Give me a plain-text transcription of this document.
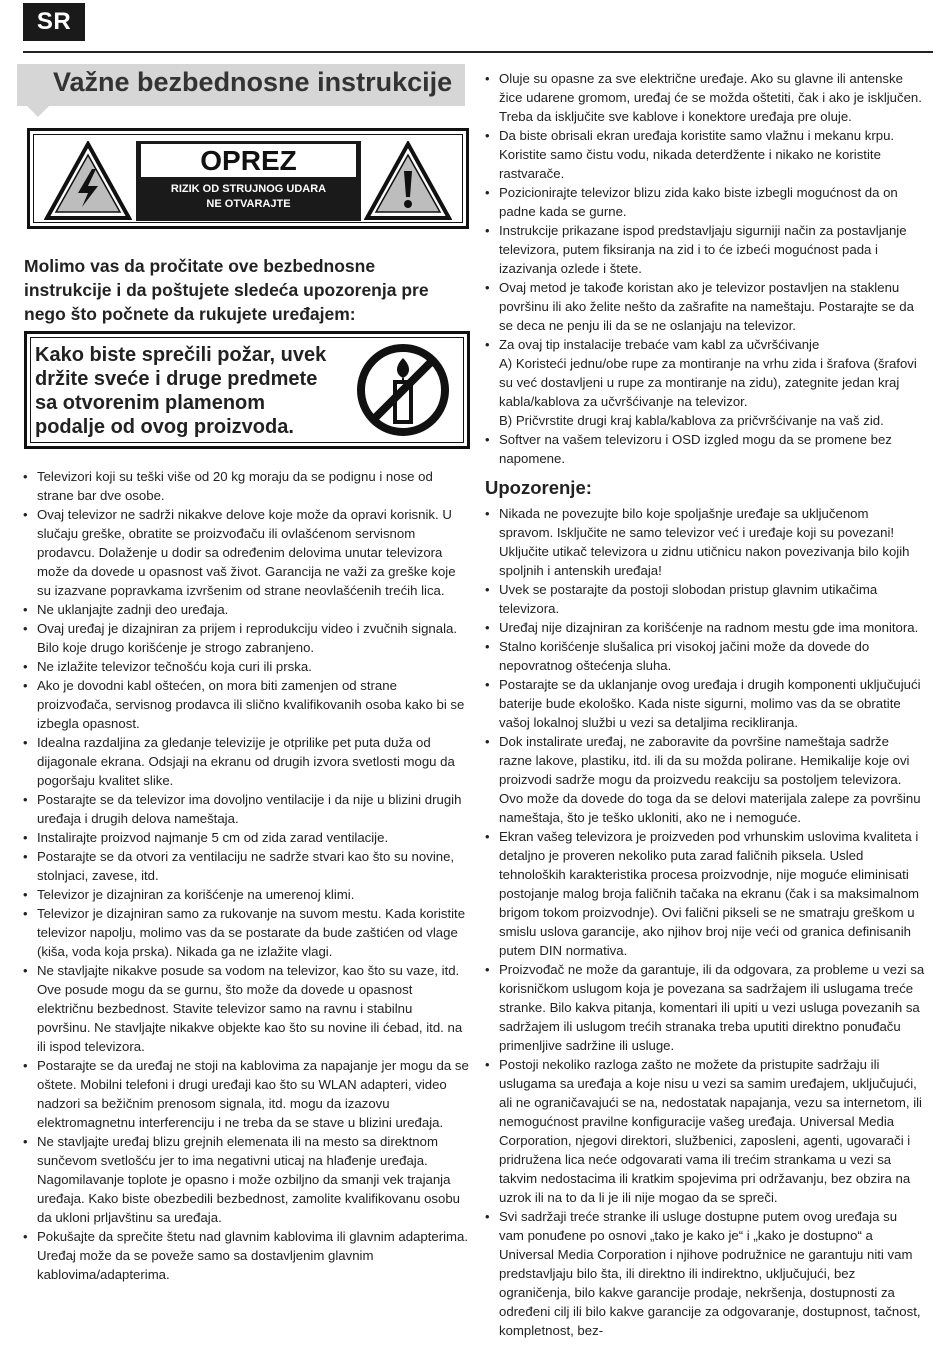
SR
Važne bezbednosne instrukcije
OPREZ
RIZIK OD STRUJNOG UDARA
NE OTVARAJTE
Molimo vas da pročitate ove bezbednosne instrukcije i da poštujete sledeća upozorenja pre nego što počnete da rukujete uređajem:
Kako biste sprečili požar, uvek držite sveće i druge predmete sa otvorenim plamenom podalje od ovog proizvoda.
• Televizori koji su teški više od 20 kg moraju da se podignu i nose od strane bar dve osobe.
• Ovaj televizor ne sadrži nikakve delove koje može da opravi korisnik. U slučaju greške, obratite se proizvođaču ili ovlašćenom servisnom prodavcu. Dolaženje u dodir sa određenim delovima unutar televizora može da dovede u opasnost vaš život. Garancija ne važi za greške koje su izazvane popravkama izvršenim od strane neovlašćenih trećih lica.
• Ne uklanjajte zadnji deo uređaja.
• Ovaj uređaj je dizajniran za prijem i reprodukciju video i zvučnih signala. Bilo koje drugo korišćenje je strogo zabranjeno.
• Ne izlažite televizor tečnošću koja curi ili prska.
• Ako je dovodni kabl oštećen, on mora biti zamenjen od strane proizvođača, servisnog prodavca ili slično kvalifikovanih osoba kako bi se izbegla opasnost.
• Idealna razdaljina za gledanje televizije je otprilike pet puta duža od dijagonale ekrana. Odsjaji na ekranu od drugih izvora svetlosti mogu da pogoršaju kvalitet slike.
• Postarajte se da televizor ima dovoljno ventilacije i da nije u blizini drugih uređaja i drugih delova nameštaja.
• Instalirajte proizvod najmanje 5 cm od zida zarad ventilacije.
• Postarajte se da otvori za ventilaciju ne sadrže stvari kao što su novine, stolnjaci, zavese, itd.
• Televizor je dizajniran za korišćenje na umerenoj klimi.
• Televizor je dizajniran samo za rukovanje na suvom mestu. Kada koristite televizor napolju, molimo vas da se postarate da bude zaštićen od vlage (kiša, voda koja prska). Nikada ga ne izlažite vlagi.
• Ne stavljajte nikakve posude sa vodom na televizor, kao što su vaze, itd. Ove posude mogu da se gurnu, što može da dovede u opasnost električnu bezbednost. Stavite televizor samo na ravnu i stabilnu površinu. Ne stavljajte nikakve objekte kao što su novine ili ćebad, itd. na ili ispod televizora.
• Postarajte se da uređaj ne stoji na kablovima za napajanje jer mogu da se oštete. Mobilni telefoni i drugi uređaji kao što su WLAN adapteri, video nadzori sa bežičnim prenosom signala, itd. mogu da izazovu elektromagnetnu interferenciju i ne treba da se stave u blizini uređaja.
• Ne stavljajte uređaj blizu grejnih elemenata ili na mesto sa direktnom sunčevom svetlošću jer to ima negativni uticaj na hlađenje uređaja. Nagomilavanje toplote je opasno i može ozbiljno da smanji vek trajanja uređaja. Kako biste obezbedili bezbednost, zamolite kvalifikovanu osobu da ukloni prljavštinu sa uređaja.
• Pokušajte da sprečite štetu nad glavnim kablovima ili glavnim adapterima. Uređaj može da se poveže samo sa dostavljenim glavnim kablovima/adapterima.
• Oluje su opasne za sve električne uređaje. Ako su glavne ili antenske žice udarene gromom, uređaj će se možda oštetiti, čak i ako je isključen. Treba da isključite sve kablove i konektore uređaja pre oluje.
• Da biste obrisali ekran uređaja koristite samo vlažnu i mekanu krpu. Koristite samo čistu vodu, nikada deterdžente i nikako ne koristite rastvarače.
• Pozicionirajte televizor blizu zida kako biste izbegli mogućnost da on padne kada se gurne.
• Instrukcije prikazane ispod predstavljaju sigurniji način za postavljanje televizora, putem fiksiranja na zid i to će izbeći mogućnost pada i izazivanja ozlede i štete.
• Ovaj metod je takođe koristan ako je televizor postavljen na staklenu površinu ili ako želite nešto da zašrafite na nameštaju. Postarajte se da se deca ne penju ili da se ne oslanjaju na televizor.
• Za ovaj tip instalacije trebaće vam kabl za učvršćivanje
A) Koristeći jednu/obe rupe za montiranje na vrhu zida i šrafova (šrafovi su već dostavljeni u rupe za montiranje na zidu), zategnite jedan kraj kabla/kablova za učvršćivanje na televizor.
B) Pričvrstite drugi kraj kabla/kablova za pričvršćivanje na vaš zid.
• Softver na vašem televizoru i OSD izgled mogu da se promene bez napomene.
Upozorenje:
• Nikada ne povezujte bilo koje spoljašnje uređaje sa uključenom spravom. Isključite ne samo televizor već i uređaje koji su povezani! Uključite utikač televizora u zidnu utičnicu nakon povezivanja bilo kojih spoljnih i antenskih uređaja!
• Uvek se postarajte da postoji slobodan pristup glavnim utikačima televizora.
• Uređaj nije dizajniran za korišćenje na radnom mestu gde ima monitora.
• Stalno korišćenje slušalica pri visokoj jačini može da dovede do nepovratnog oštećenja sluha.
• Postarajte se da uklanjanje ovog uređaja i drugih komponenti uključujući baterije bude ekološko. Kada niste sigurni, molimo vas da se obratite vašoj lokalnoj službi u vezi sa detaljima recikliranja.
• Dok instalirate uređaj, ne zaboravite da površine nameštaja sadrže razne lakove, plastiku, itd. ili da su možda polirane. Hemikalije koje ovi proizvodi sadrže mogu da proizvedu reakciju sa postoljem televizora. Ovo može da dovede do toga da se delovi materijala zalepe za površinu nameštaja, što je teško ukloniti, ako ne i nemoguće.
• Ekran vašeg televizora je proizveden pod vrhunskim uslovima kvaliteta i detaljno je proveren nekoliko puta zarad faličnih piksela. Usled tehnoloških karakteristika procesa proizvodnje, nije moguće eliminisati postojanje malog broja faličnih tačaka na ekranu (čak i sa maksimalnom brigom tokom proizvodnje). Ovi falični pikseli se ne smatraju greškom u smislu uslova garancije, ako njihov broj nije veći od granica definisanih putem DIN normativa.
• Proizvođač ne može da garantuje, ili da odgovara, za probleme u vezi sa korisničkom uslugom koja je povezana sa sadržajem ili uslugama treće stranke. Bilo kakva pitanja, komentari ili upiti u vezi usluga povezanih sa sadržajem ili uslugom trećih stranaka treba uputiti direktno ponuđaču primenljive sadržine ili usluge.
• Postoji nekoliko razloga zašto ne možete da pristupite sadržaju ili uslugama sa uređaja a koje nisu u vezi sa samim uređajem, uključujući, ali ne ograničavajući se na, nedostatak napajanja, vezu sa internetom, ili nemogućnost pravilne konfiguracije vašeg uređaja. Universal Media Corporation, njegovi direktori, službenici, zaposleni, agenti, ugovarači i pridružena lica neće odgovarati vama ili trećim strankama u vezi sa takvim nedostacima ili kratkim spojevima pri održavanju, bez obzira na uzrok ili na to da li je ili nije mogao da se spreči.
• Svi sadržaji treće stranke ili usluge dostupne putem ovog uređaja su vam ponuđene po osnovi „tako je kako je“ i „kako je dostupno“ a Universal Media Corporation i njihove podružnice ne garantuju niti vam predstavljaju bilo šta, ili direktno ili indirektno, uključujući, bez ograničenja, bilo kakve garancije prodaje, nekršenja, dostupnosti za određeni cilj ili bilo kakve garancije za odgovaranje, dostupnost, tačnost, kompletnost, bez-
